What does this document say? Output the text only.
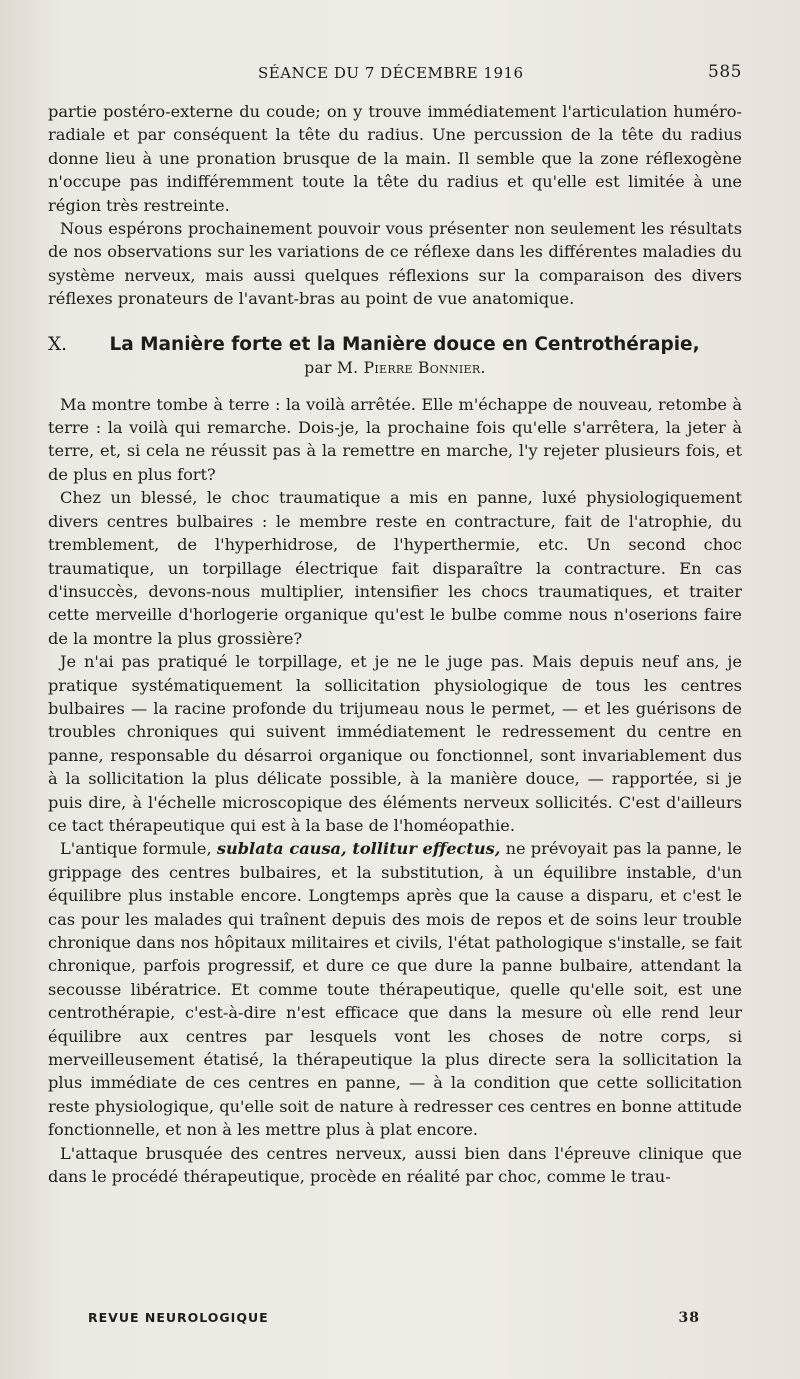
SÉANCE DU 7 DÉCEMBRE 1916	585

partie postéro-externe du coude; on y trouve immédiatement l'articulation huméro-radiale et par conséquent la tête du radius. Une percussion de la tête du radius donne lieu à une pronation brusque de la main. Il semble que la zone réflexogène n'occupe pas indifféremment toute la tête du radius et qu'elle est limitée à une région très restreinte.

Nous espérons prochainement pouvoir vous présenter non seulement les résultats de nos observations sur les variations de ce réflexe dans les différentes maladies du système nerveux, mais aussi quelques réflexions sur la comparaison des divers réflexes pronateurs de l'avant-bras au point de vue anatomique.

X. La Manière forte et la Manière douce en Centrothérapie,
par M. Pierre Bonnier.

Ma montre tombe à terre : la voilà arrêtée. Elle m'échappe de nouveau, retombe à terre : la voilà qui remarche. Dois-je, la prochaine fois qu'elle s'arrêtera, la jeter à terre, et, si cela ne réussit pas à la remettre en marche, l'y rejeter plusieurs fois, et de plus en plus fort?

Chez un blessé, le choc traumatique a mis en panne, luxé physiologiquement divers centres bulbaires : le membre reste en contracture, fait de l'atrophie, du tremblement, de l'hyperhidrose, de l'hyperthermie, etc. Un second choc traumatique, un torpillage électrique fait disparaître la contracture. En cas d'insuccès, devons-nous multiplier, intensifier les chocs traumatiques, et traiter cette merveille d'horlogerie organique qu'est le bulbe comme nous n'oserions faire de la montre la plus grossière?

Je n'ai pas pratiqué le torpillage, et je ne le juge pas. Mais depuis neuf ans, je pratique systématiquement la sollicitation physiologique de tous les centres bulbaires — la racine profonde du trijumeau nous le permet, — et les guérisons de troubles chroniques qui suivent immédiatement le redressement du centre en panne, responsable du désarroi organique ou fonctionnel, sont invariablement dus à la sollicitation la plus délicate possible, à la manière douce, — rapportée, si je puis dire, à l'échelle microscopique des éléments nerveux sollicités. C'est d'ailleurs ce tact thérapeutique qui est à la base de l'homéopathie.

L'antique formule, sublata causa, tollitur effectus, ne prévoyait pas la panne, le grippage des centres bulbaires, et la substitution, à un équilibre instable, d'un équilibre plus instable encore. Longtemps après que la cause a disparu, et c'est le cas pour les malades qui traînent depuis des mois de repos et de soins leur trouble chronique dans nos hôpitaux militaires et civils, l'état pathologique s'installe, se fait chronique, parfois progressif, et dure ce que dure la panne bulbaire, attendant la secousse libératrice. Et comme toute thérapeutique, quelle qu'elle soit, est une centrothérapie, c'est-à-dire n'est efficace que dans la mesure où elle rend leur équilibre aux centres par lesquels vont les choses de notre corps, si merveilleusement étatisé, la thérapeutique la plus directe sera la sollicitation la plus immédiate de ces centres en panne, — à la condition que cette sollicitation reste physiologique, qu'elle soit de nature à redresser ces centres en bonne attitude fonctionnelle, et non à les mettre plus à plat encore.

L'attaque brusquée des centres nerveux, aussi bien dans l'épreuve clinique que dans le procédé thérapeutique, procède en réalité par choc, comme le trau-

REVUE NEUROLOGIQUE	38
